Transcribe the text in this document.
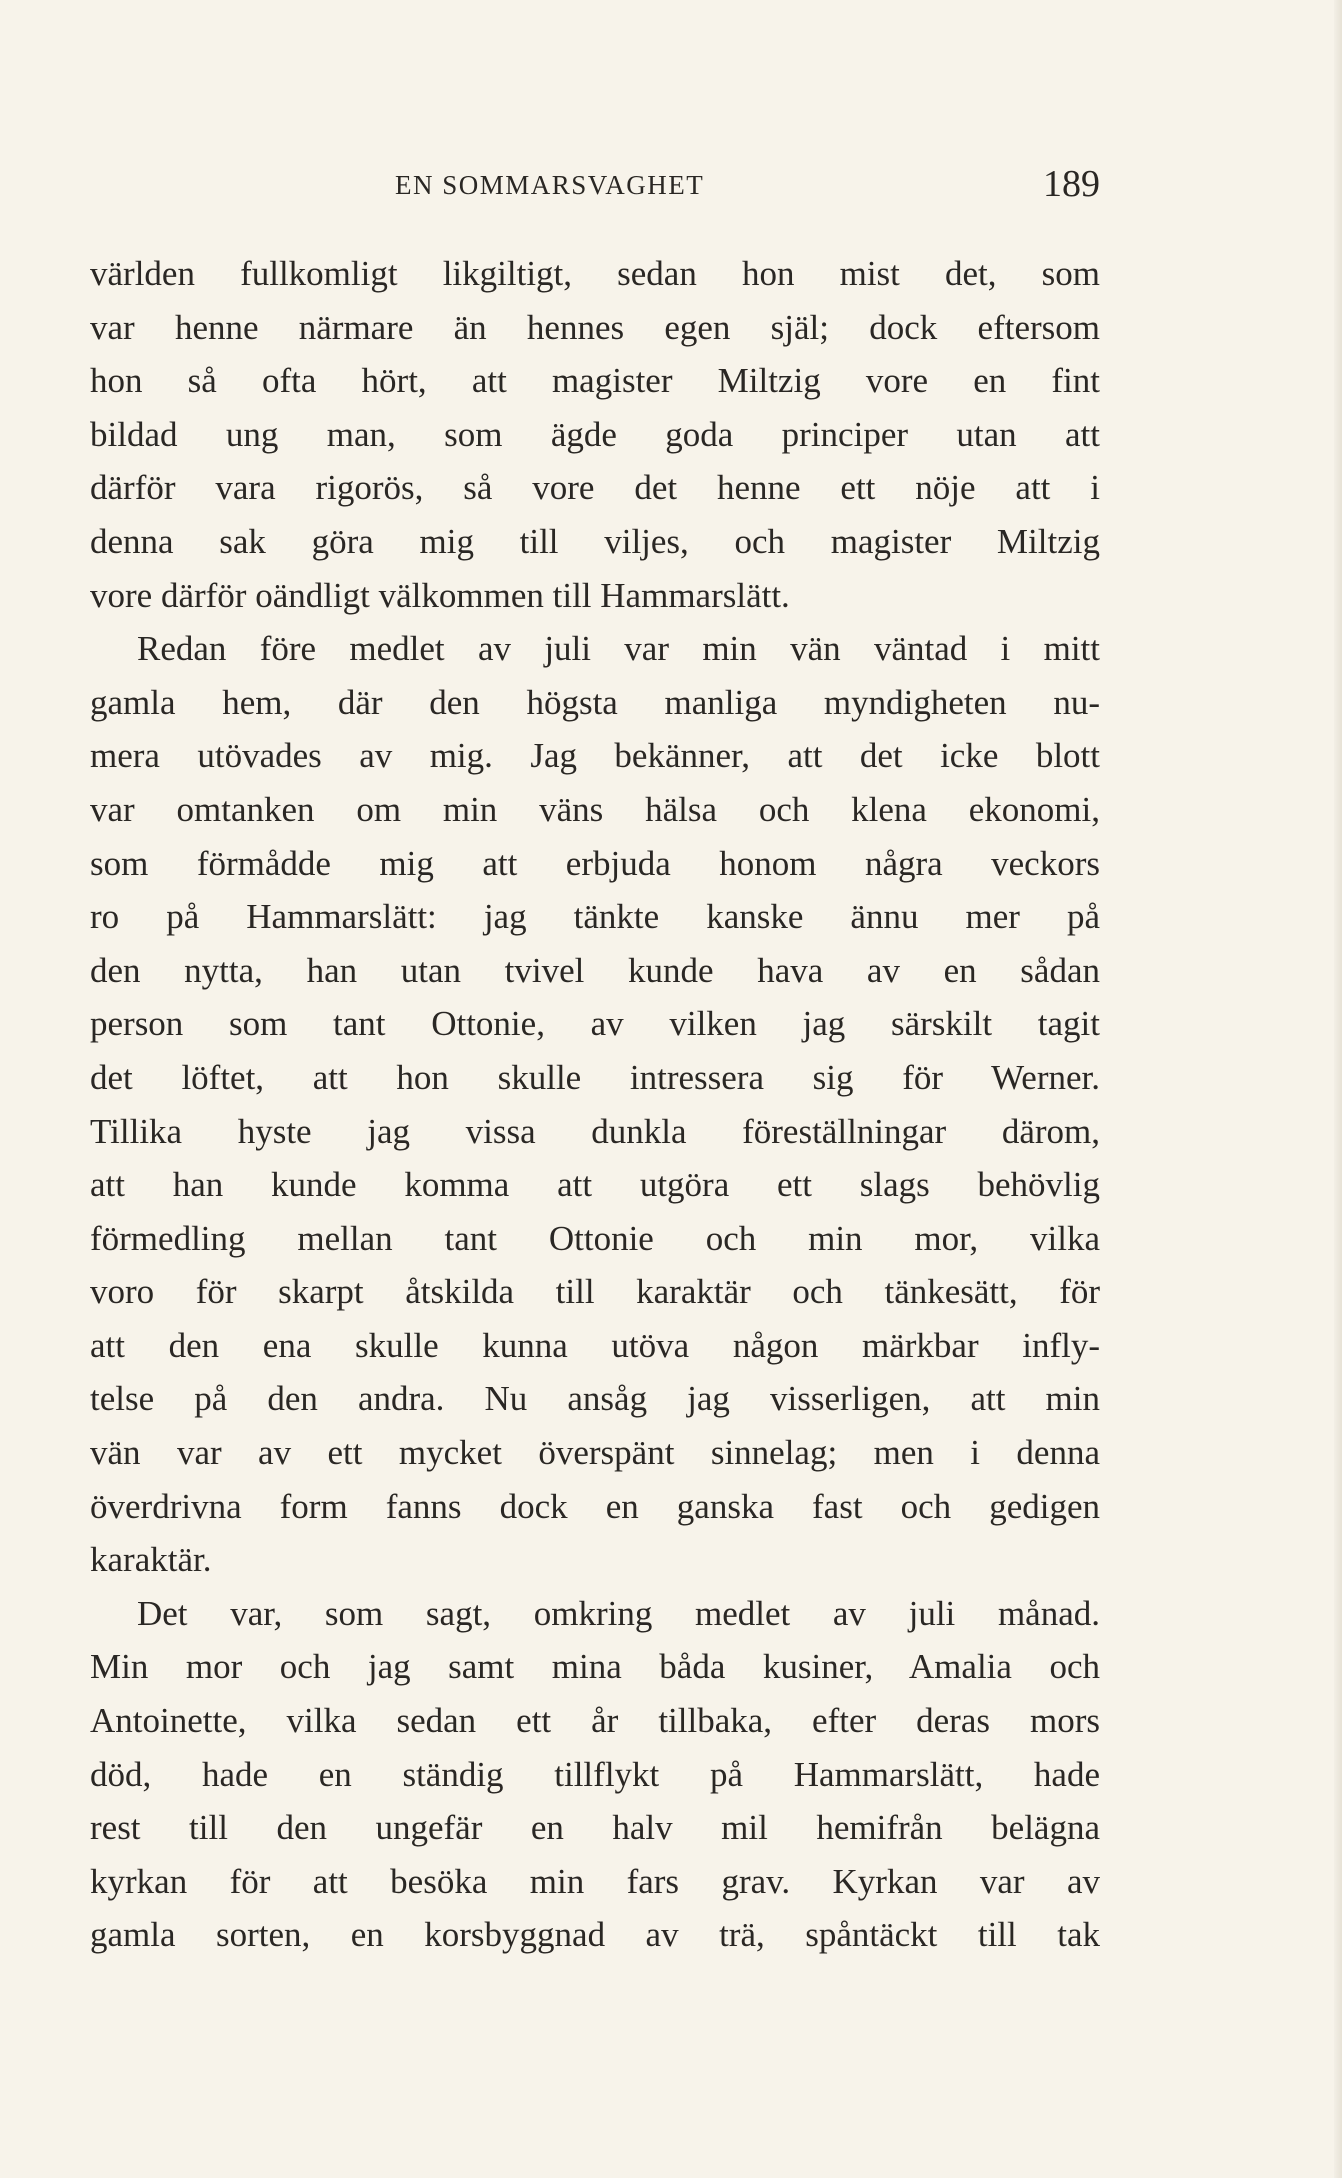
EN SOMMARSVAGHET	189
världen fullkomligt likgiltigt, sedan hon mist det, som
var henne närmare än hennes egen själ; dock eftersom
hon så ofta hört, att magister Miltzig vore en fint
bildad ung man, som ägde goda principer utan att
därför vara rigorös, så vore det henne ett nöje att i
denna sak göra mig till viljes, och magister Miltzig
vore därför oändligt välkommen till Hammarslätt.
Redan före medlet av juli var min vän väntad i mitt
gamla hem, där den högsta manliga myndigheten nu-
mera utövades av mig. Jag bekänner, att det icke blott
var omtanken om min väns hälsa och klena ekonomi,
som förmådde mig att erbjuda honom några veckors
ro på Hammarslätt: jag tänkte kanske ännu mer på
den nytta, han utan tvivel kunde hava av en sådan
person som tant Ottonie, av vilken jag särskilt tagit
det löftet, att hon skulle intressera sig för Werner.
Tillika hyste jag vissa dunkla föreställningar därom,
att han kunde komma att utgöra ett slags behövlig
förmedling mellan tant Ottonie och min mor, vilka
voro för skarpt åtskilda till karaktär och tänkesätt, för
att den ena skulle kunna utöva någon märkbar infly-
telse på den andra. Nu ansåg jag visserligen, att min
vän var av ett mycket överspänt sinnelag; men i denna
överdrivna form fanns dock en ganska fast och gedigen
karaktär.
Det var, som sagt, omkring medlet av juli månad.
Min mor och jag samt mina båda kusiner, Amalia och
Antoinette, vilka sedan ett år tillbaka, efter deras mors
död, hade en ständig tillflykt på Hammarslätt, hade
rest till den ungefär en halv mil hemifrån belägna
kyrkan för att besöka min fars grav. Kyrkan var av
gamla sorten, en korsbyggnad av trä, spåntäckt till tak
